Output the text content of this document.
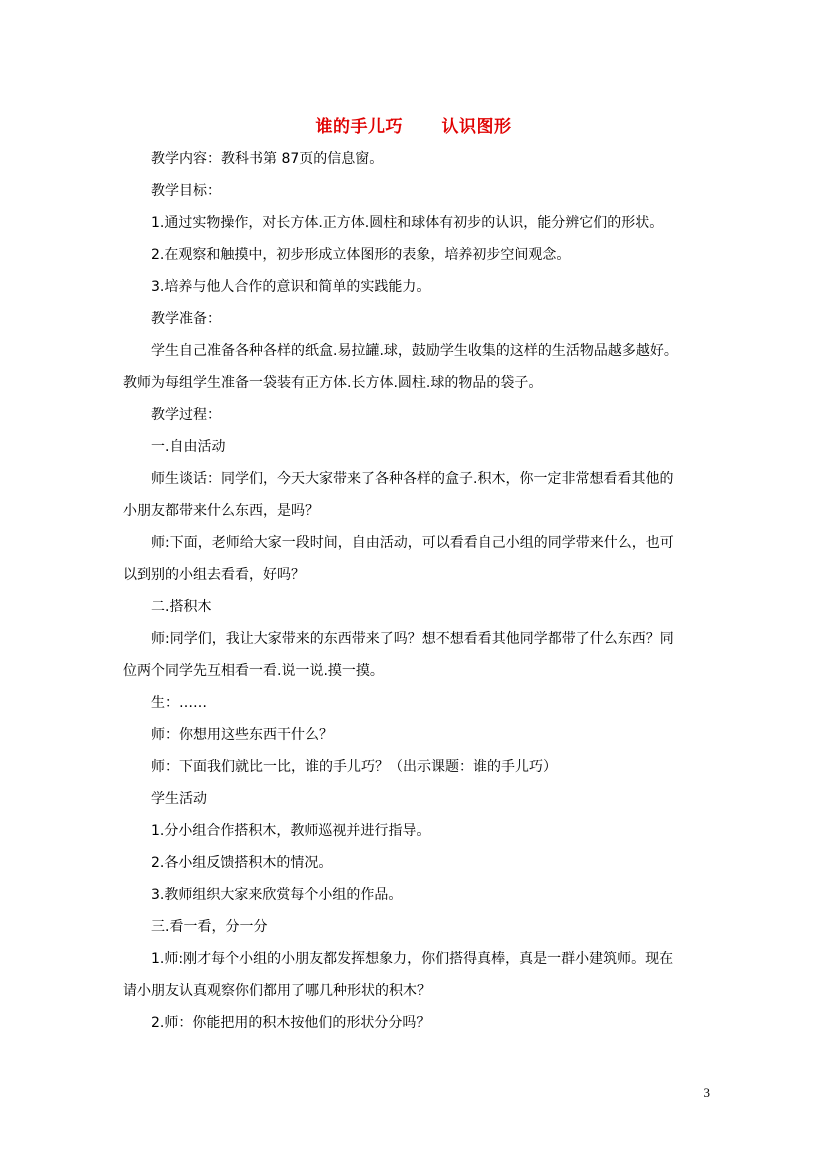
谁的手儿巧      认识图形

教学内容：教科书第 87页的信息窗。

教学目标：

1.通过实物操作，对长方体.正方体.圆柱和球体有初步的认识，能分辨它们的形状。

2.在观察和触摸中，初步形成立体图形的表象，培养初步空间观念。

3.培养与他人合作的意识和简单的实践能力。

教学准备：

学生自己准备各种各样的纸盒.易拉罐.球，鼓励学生收集的这样的生活物品越多越好。

教师为每组学生准备一袋装有正方体.长方体.圆柱.球的物品的袋子。

教学过程：

一.自由活动

师生谈话：同学们，今天大家带来了各种各样的盒子.积木，你一定非常想看看其他的

小朋友都带来什么东西，是吗？

师:下面，老师给大家一段时间，自由活动，可以看看自己小组的同学带来什么，也可

以到别的小组去看看，好吗？

二.搭积木

师:同学们，我让大家带来的东西带来了吗？想不想看看其他同学都带了什么东西？同

位两个同学先互相看一看.说一说.摸一摸。

生：……

师：你想用这些东西干什么？

师：下面我们就比一比，谁的手儿巧？（出示课题：谁的手儿巧）

学生活动

1.分小组合作搭积木，教师巡视并进行指导。

2.各小组反馈搭积木的情况。

3.教师组织大家来欣赏每个小组的作品。

三.看一看，分一分

1.师:刚才每个小组的小朋友都发挥想象力，你们搭得真棒，真是一群小建筑师。现在

请小朋友认真观察你们都用了哪几种形状的积木？

2.师：你能把用的积木按他们的形状分分吗？

3
